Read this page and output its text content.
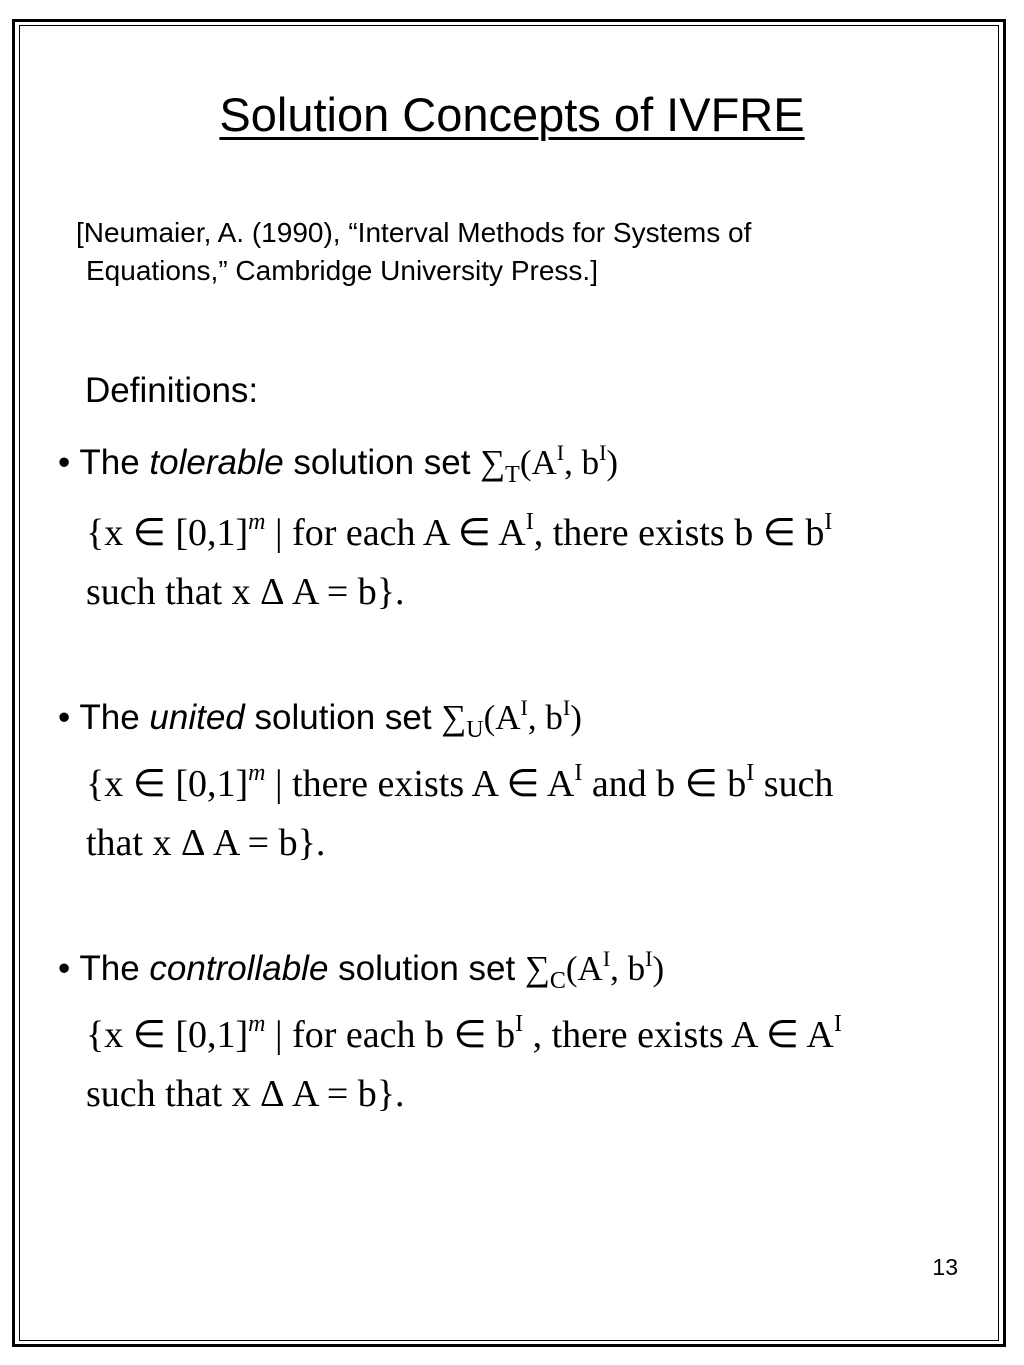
Solution Concepts of IVFRE
[Neumaier, A. (1990), “Interval Methods for Systems of
Equations,” Cambridge University Press.]
Definitions:
• The tolerable solution set $\sum_T(A^I$, $b^I$)
{x ∈ $[0,1]^m$ | for each A ∈ $A^I$, there exists b ∈ $b^I$
such that x Δ A = b}.
• The united solution set $\sum_U(A^I$, $b^I$)
{x ∈ $[0,1]^m$ | there exists A ∈ $A^I$ and b ∈ $b^I$ such
that x Δ A = b}.
• The controllable solution set $\sum_C(A^I$, $b^I$)
{x ∈ $[0,1]^m$ | for each b ∈ $b^I$ , there exists A ∈ $A^I$
such that x Δ A = b}.
13
